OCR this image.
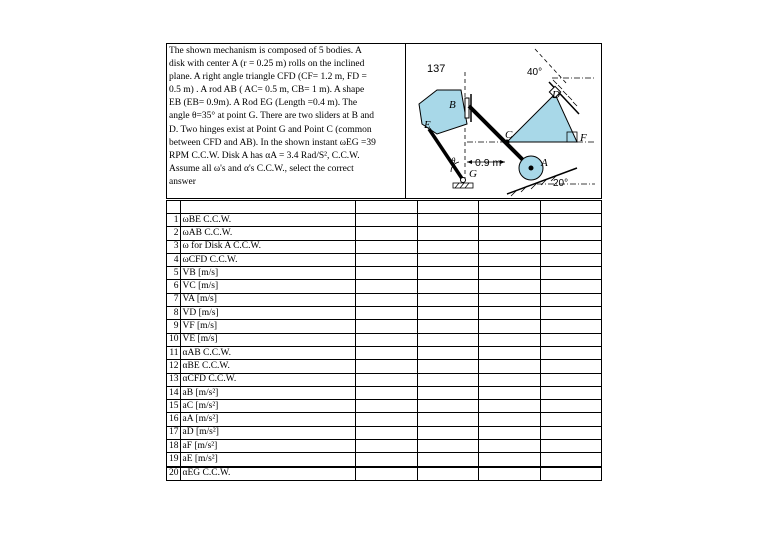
The shown mechanism is composed of 5 bodies. A
disk with center A (r = 0.25 m) rolls on the inclined
plane. A right angle triangle CFD (CF= 1.2 m, FD =
0.5 m) . A rod AB ( AC= 0.5 m, CB= 1 m). A shape
EB (EB= 0.9m). A Rod EG (Length =0.4 m). The
angle θ=35° at point G. There are two sliders at B and
D. Two hinges exist at Point G and Point C (common
between CFD and AB). In the shown instant ωEG =39
RPM C.C.W. Disk A has αA = 3.4 Rad/S², C.C.W.
Assume all ω's and α's C.C.W., select the correct
answer
137	40°
B
E
C
D
F
A
G
θ 0.9 m
20°

1	ωBE C.C.W.				
2	ωAB C.C.W.				
3	ω for Disk A C.C.W.				
4	ωCFD C.C.W.				
5	VB [m/s]				
6	VC [m/s]				
7	VA [m/s]				
8	VD [m/s]				
9	VF [m/s]				
10	VE [m/s]				
11	αAB C.C.W.				
12	αBE C.C.W.				
13	αCFD C.C.W.				
14	aB [m/s²]				
15	aC [m/s²]				
16	aA [m/s²]				
17	aD [m/s²]				
18	aF [m/s²]				
19	aE [m/s²]				
20	αEG C.C.W.				
